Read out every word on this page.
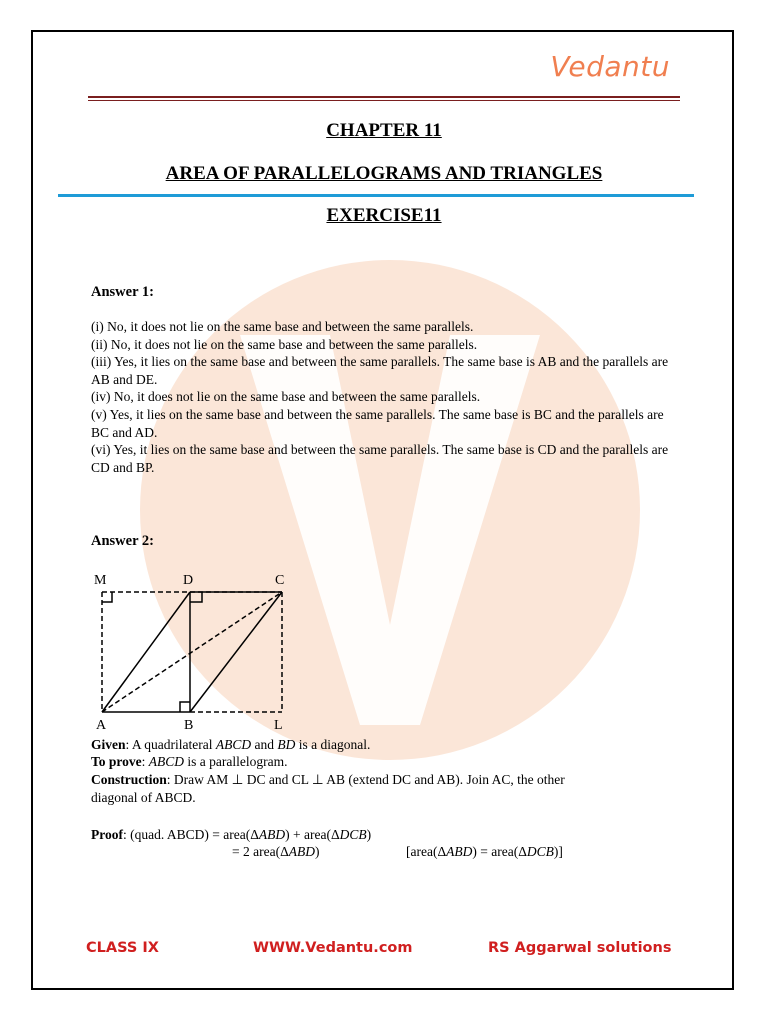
Vedantu
CHAPTER 11
AREA OF PARALLELOGRAMS AND TRIANGLES
EXERCISE11
Answer 1:
(i) No, it does not lie on the same base and between the same parallels.
(ii) No, it does not lie on the same base and between the same parallels.
(iii) Yes, it lies on the same base and between the same parallels. The same base is AB and the parallels are AB and DE.
(iv) No, it does not lie on the same base and between the same parallels.
(v) Yes, it lies on the same base and between the same parallels. The same base is BC and the parallels are BC and AD.
(vi) Yes, it lies on the same base and between the same parallels. The same base is CD and the parallels are CD and BP.
Answer 2:
M	D	C
A	B	L
Given: A quadrilateral ABCD and BD is a diagonal.
To prove: ABCD is a parallelogram.
Construction: Draw AM ⊥ DC and CL ⊥ AB (extend DC and AB). Join AC, the other
diagonal of ABCD.
Proof: (quad. ABCD) = area(ΔABD) + area(ΔDCB)
= 2 area(ΔABD)	[area(ΔABD) = area(ΔDCB)]
CLASS IX	WWW.Vedantu.com	RS Aggarwal solutions
